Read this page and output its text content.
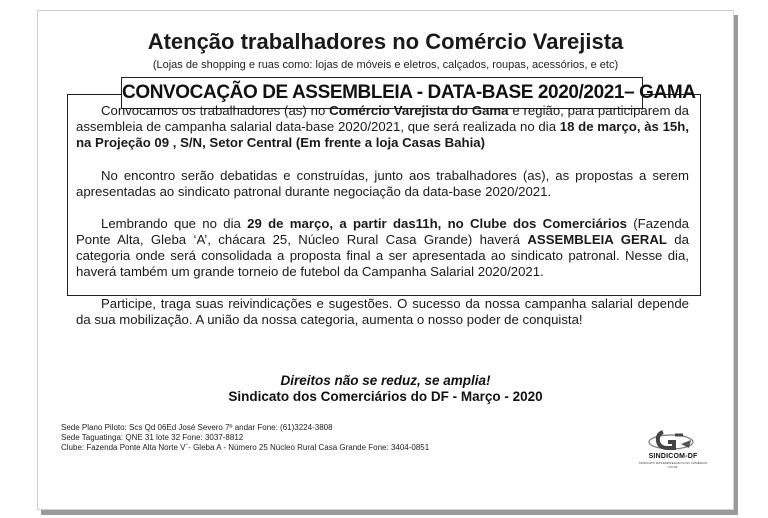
Atenção trabalhadores no Comércio Varejista
(Lojas de shopping e ruas como: lojas de móveis e eletros, calçados, roupas, acessórios, e etc)
CONVOCAÇÃO DE ASSEMBLEIA - DATA-BASE 2020/2021– GAMA

Convocamos os trabalhadores (as) no Comércio Varejista do Gama e região, para participarem da assembleia de campanha salarial data-base 2020/2021, que será realizada no dia 18 de março, às 15h, na Projeção 09 , S/N, Setor Central (Em frente a loja Casas Bahia)

No encontro serão debatidas e construídas, junto aos trabalhadores (as), as propostas a serem apresentadas ao sindicato patronal durante negociação da data-base 2020/2021.

Lembrando que no dia 29 de março, a partir das11h, no Clube dos Comerciários (Fazenda Ponte Alta, Gleba ‘A’, chácara 25, Núcleo Rural Casa Grande) haverá ASSEMBLEIA GERAL da categoria onde será consolidada a proposta final a ser apresentada ao sindicato patronal. Nesse dia, haverá também um grande torneio de futebol da Campanha Salarial 2020/2021.

Participe, traga suas reivindicações e sugestões. O sucesso da nossa campanha salarial depende da sua mobilização. A união da nossa categoria, aumenta o nosso poder de conquista!

Direitos não se reduz, se amplia!
Sindicato dos Comerciários do DF - Março - 2020
Sede Plano Piloto: Scs Qd 06Ed José Severo 7º andar Fone: (61)3224-3808
Sede Taguatinga: QNE 31 lote 32 Fone: 3037-8812
Clube: Fazenda Ponte Alta Norte V`- Gleba A - Número 25 Núcleo Rural Casa Grande Fone: 3404-0851
SINDICOM-DF
SINDICATO DOS EMPREGADOS NO COMÉRCIO DO DF
